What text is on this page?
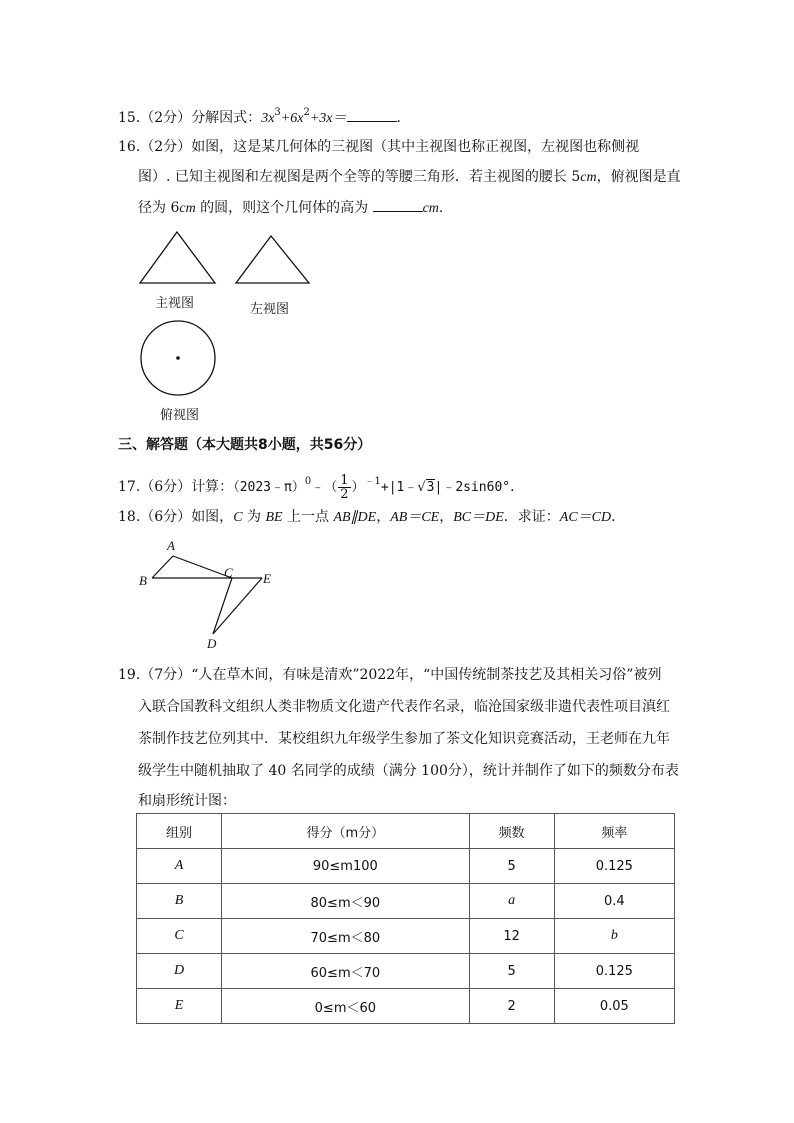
15.（2分）分解因式：$3x^3+6x^2+3x=$	.
16.（2分）如图，这是某几何体的三视图（其中主视图也称正视图，左视图也称侧视
图）. 已知主视图和左视图是两个全等的等腰三角形．若主视图的腰长 5cm，俯视图是直
径为 6cm 的圆，则这个几何体的高为	cm.
主视图	左视图
俯视图
三、解答题（本大题共8小题，共56分）
17.（6分）计算：（2023﹣π）$^0$﹣（ $\frac{1}{2}$ ）$^{﹣1}$+|1﹣√3|﹣2sin60°．
18.（6分）如图，C 为 BE 上一点 AB∥DE，AB＝CE，BC＝DE．求证：AC＝CD．
A
B
C E
D
19.（7分）“人在草木间，有味是清欢”2022年，“中国传统制茶技艺及其相关习俗”被列
入联合国教科文组织人类非物质文化遗产代表作名录，临沧国家级非遗代表性项目滇红
茶制作技艺位列其中．某校组织九年级学生参加了茶文化知识竞赛活动，王老师在九年
级学生中随机抽取了 40 名同学的成绩（满分 100分），统计并制作了如下的频数分布表
和扇形统计图：
组别	得分（m分）	频数	频率
A	90≤m100	5	0.125
B	80≤m＜90	a	0.4
C	70≤m＜80	12	b
D	60≤m＜70	5	0.125
E	0≤m＜60	2	0.05
